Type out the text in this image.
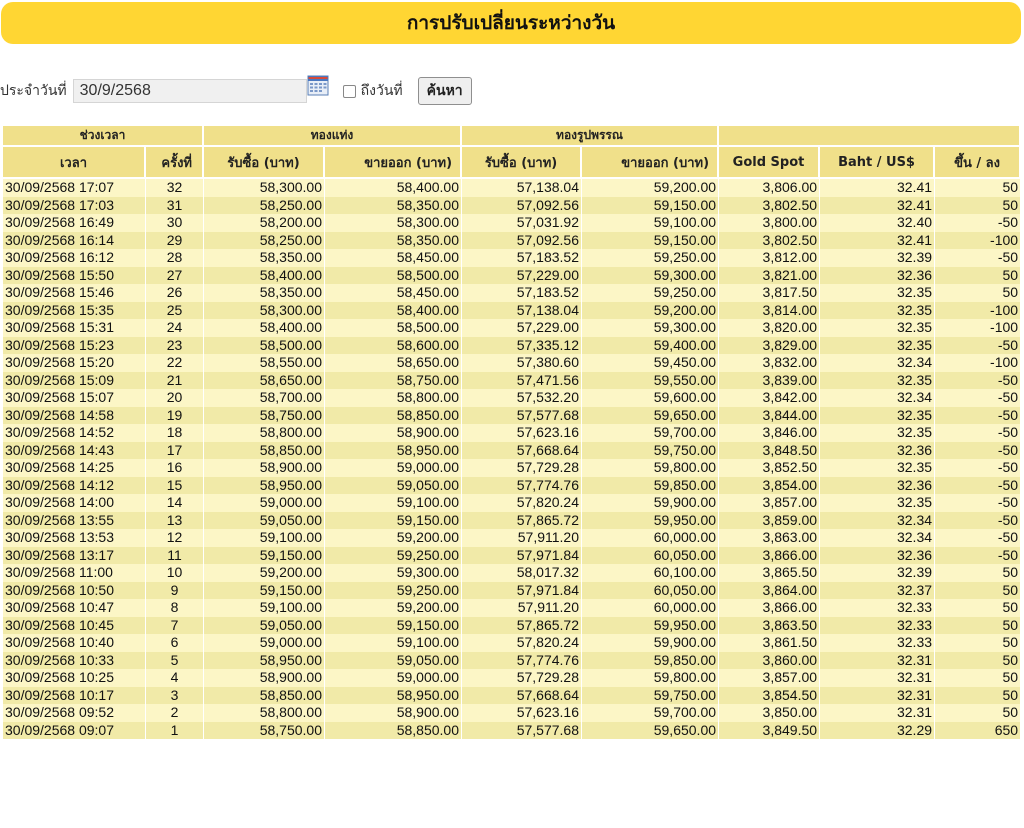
การปรับเปลี่ยนระหว่างวัน
ประจำวันที่
30/9/2568	ถึงวันที่	ค้นหา
ช่วงเวลา		ทองแท่ง		ทองรูปพรรณ				
เวลา	ครั้งที่	รับซื้อ (บาท)	ขายออก (บาท)	รับซื้อ (บาท)	ขายออก (บาท)	Gold Spot	Baht / US$	ขึ้น / ลง
30/09/2568 17:07	32	58,300.00	58,400.00	57,138.04	59,200.00	3,806.00	32.41	50
30/09/2568 17:03	31	58,250.00	58,350.00	57,092.56	59,150.00	3,802.50	32.41	50
30/09/2568 16:49	30	58,200.00	58,300.00	57,031.92	59,100.00	3,800.00	32.40	-50
30/09/2568 16:14	29	58,250.00	58,350.00	57,092.56	59,150.00	3,802.50	32.41	-100
30/09/2568 16:12	28	58,350.00	58,450.00	57,183.52	59,250.00	3,812.00	32.39	-50
30/09/2568 15:50	27	58,400.00	58,500.00	57,229.00	59,300.00	3,821.00	32.36	50
30/09/2568 15:46	26	58,350.00	58,450.00	57,183.52	59,250.00	3,817.50	32.35	50
30/09/2568 15:35	25	58,300.00	58,400.00	57,138.04	59,200.00	3,814.00	32.35	-100
30/09/2568 15:31	24	58,400.00	58,500.00	57,229.00	59,300.00	3,820.00	32.35	-100
30/09/2568 15:23	23	58,500.00	58,600.00	57,335.12	59,400.00	3,829.00	32.35	-50
30/09/2568 15:20	22	58,550.00	58,650.00	57,380.60	59,450.00	3,832.00	32.34	-100
30/09/2568 15:09	21	58,650.00	58,750.00	57,471.56	59,550.00	3,839.00	32.35	-50
30/09/2568 15:07	20	58,700.00	58,800.00	57,532.20	59,600.00	3,842.00	32.34	-50
30/09/2568 14:58	19	58,750.00	58,850.00	57,577.68	59,650.00	3,844.00	32.35	-50
30/09/2568 14:52	18	58,800.00	58,900.00	57,623.16	59,700.00	3,846.00	32.35	-50
30/09/2568 14:43	17	58,850.00	58,950.00	57,668.64	59,750.00	3,848.50	32.36	-50
30/09/2568 14:25	16	58,900.00	59,000.00	57,729.28	59,800.00	3,852.50	32.35	-50
30/09/2568 14:12	15	58,950.00	59,050.00	57,774.76	59,850.00	3,854.00	32.36	-50
30/09/2568 14:00	14	59,000.00	59,100.00	57,820.24	59,900.00	3,857.00	32.35	-50
30/09/2568 13:55	13	59,050.00	59,150.00	57,865.72	59,950.00	3,859.00	32.34	-50
30/09/2568 13:53	12	59,100.00	59,200.00	57,911.20	60,000.00	3,863.00	32.34	-50
30/09/2568 13:17	11	59,150.00	59,250.00	57,971.84	60,050.00	3,866.00	32.36	-50
30/09/2568 11:00	10	59,200.00	59,300.00	58,017.32	60,100.00	3,865.50	32.39	50
30/09/2568 10:50	9	59,150.00	59,250.00	57,971.84	60,050.00	3,864.00	32.37	50
30/09/2568 10:47	8	59,100.00	59,200.00	57,911.20	60,000.00	3,866.00	32.33	50
30/09/2568 10:45	7	59,050.00	59,150.00	57,865.72	59,950.00	3,863.50	32.33	50
30/09/2568 10:40	6	59,000.00	59,100.00	57,820.24	59,900.00	3,861.50	32.33	50
30/09/2568 10:33	5	58,950.00	59,050.00	57,774.76	59,850.00	3,860.00	32.31	50
30/09/2568 10:25	4	58,900.00	59,000.00	57,729.28	59,800.00	3,857.00	32.31	50
30/09/2568 10:17	3	58,850.00	58,950.00	57,668.64	59,750.00	3,854.50	32.31	50
30/09/2568 09:52	2	58,800.00	58,900.00	57,623.16	59,700.00	3,850.00	32.31	50
30/09/2568 09:07	1	58,750.00	58,850.00	57,577.68	59,650.00	3,849.50	32.29	650
